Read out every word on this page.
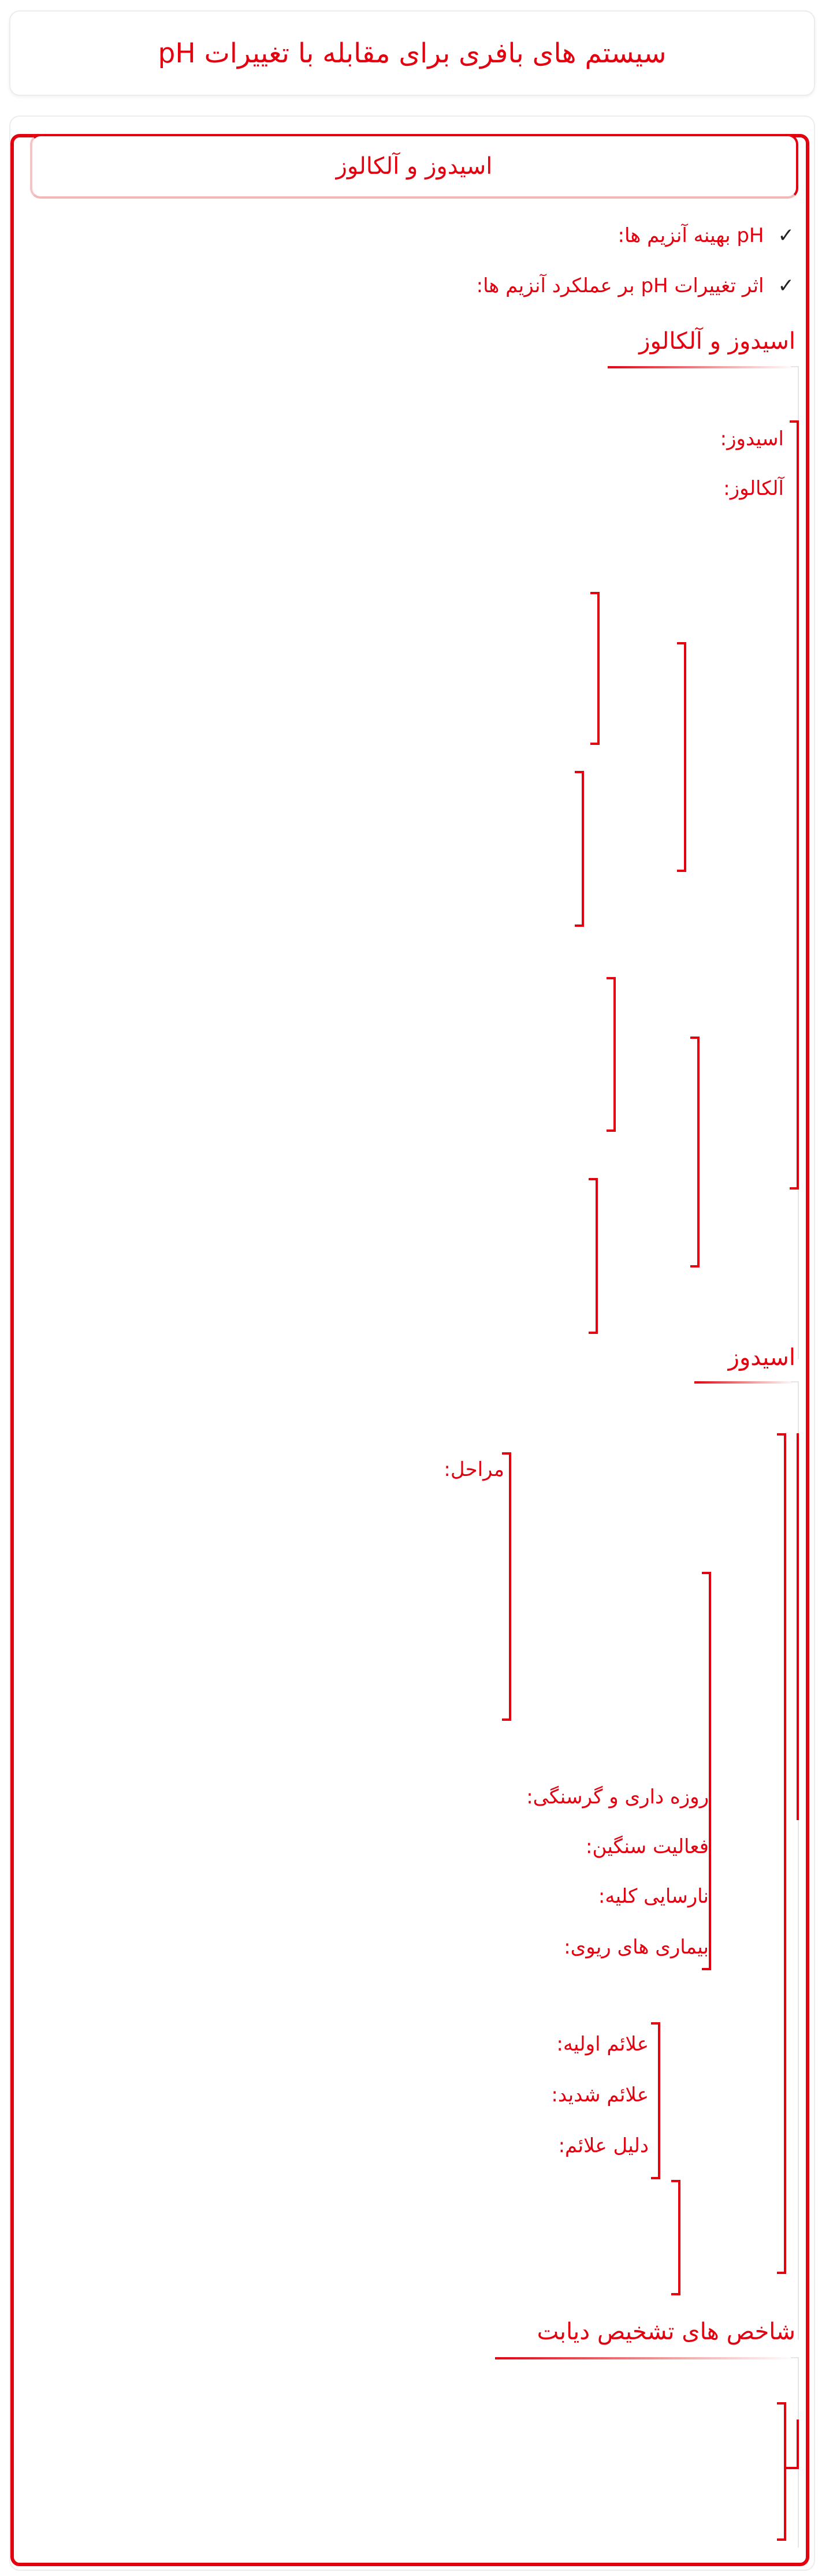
سیستم های بافری برای مقابله با تغییرات pH
اسیدوز و آلکالوز
✓
pH بهینه آنزیم ها:
✓
اثر تغییرات pH بر عملکرد آنزیم ها:
اسیدوز و آلکالوز
اسیدوز:
آلکالوز:
اسیدوز
مراحل:
روزه داری و گرسنگی:
فعالیت سنگین:
نارسایی کلیه:
بیماری های ریوی:
علائم اولیه:
علائم شدید:
دلیل علائم:
شاخص های تشخیص دیابت
